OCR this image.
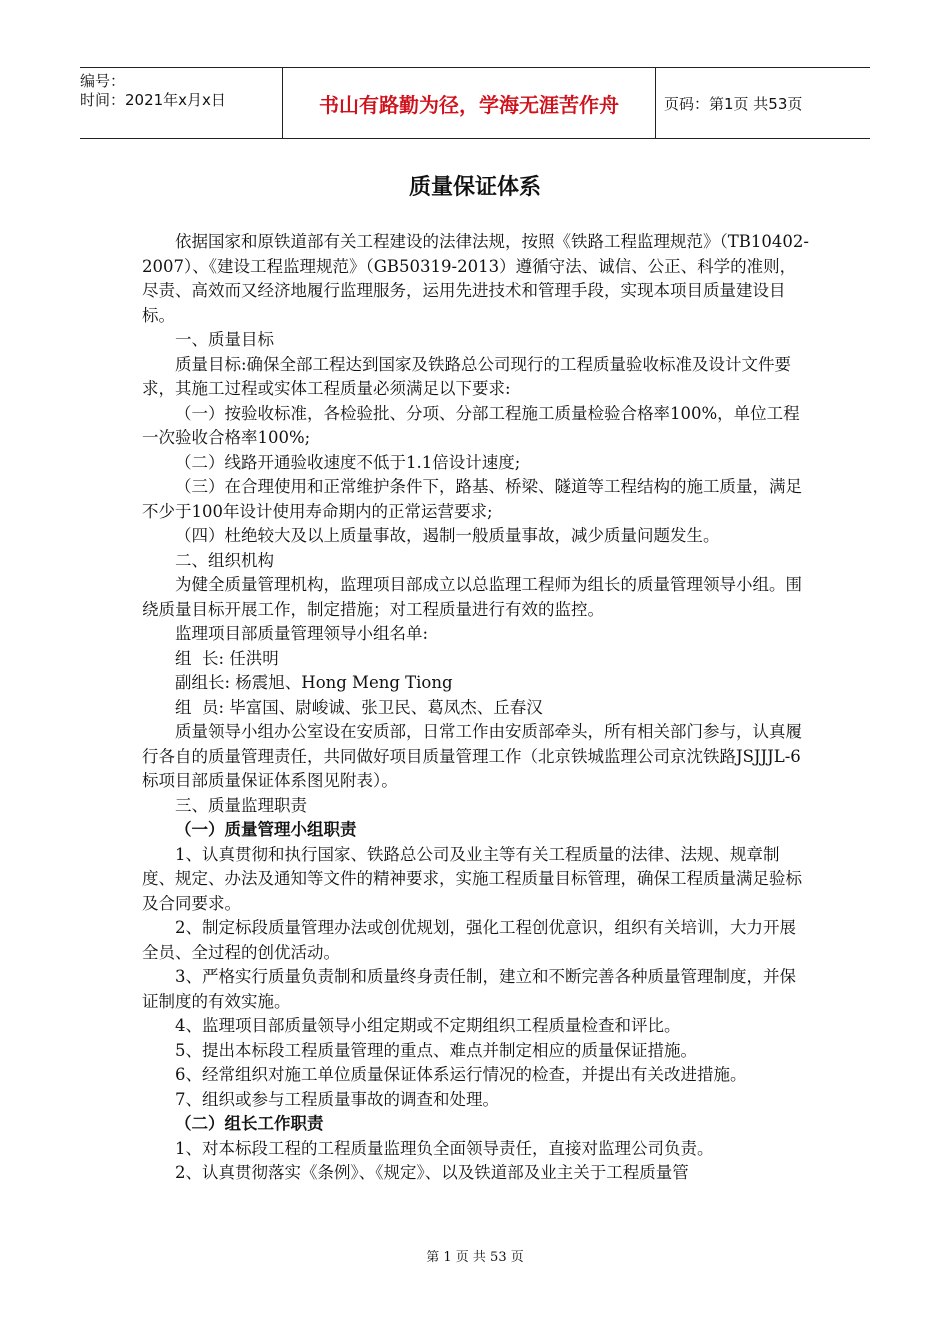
编号：
时间：2021年x月x日	书山有路勤为径，学海无涯苦作舟	页码：第1页 共53页
质量保证体系

依据国家和原铁道部有关工程建设的法律法规，按照《铁路工程监理规范》（TB10402-2007）、《建设工程监理规范》（GB50319-2013）遵循守法、诚信、公正、科学的准则，尽责、高效而又经济地履行监理服务，运用先进技术和管理手段，实现本项目质量建设目标。

一、质量目标

质量目标:确保全部工程达到国家及铁路总公司现行的工程质量验收标准及设计文件要求，其施工过程或实体工程质量必须满足以下要求:

（一）按验收标准，各检验批、分项、分部工程施工质量检验合格率100%，单位工程一次验收合格率100%;

（二）线路开通验收速度不低于1.1倍设计速度;

（三）在合理使用和正常维护条件下，路基、桥梁、隧道等工程结构的施工质量，满足不少于100年设计使用寿命期内的正常运营要求;

（四）杜绝较大及以上质量事故，遏制一般质量事故，减少质量问题发生。

二、组织机构

为健全质量管理机构，监理项目部成立以总监理工程师为组长的质量管理领导小组。围绕质量目标开展工作，制定措施；对工程质量进行有效的监控。

监理项目部质量管理领导小组名单:

组  长: 任洪明

副组长: 杨震旭、Hong Meng Tiong

组  员: 毕富国、尉峻诚、张卫民、葛凤杰、丘春汉

质量领导小组办公室设在安质部，日常工作由安质部牵头，所有相关部门参与，认真履行各自的质量管理责任，共同做好项目质量管理工作（北京铁城监理公司京沈铁路JSJJJL-6标项目部质量保证体系图见附表）。

三、质量监理职责

（一）质量管理小组职责

1、认真贯彻和执行国家、铁路总公司及业主等有关工程质量的法律、法规、规章制度、规定、办法及通知等文件的精神要求，实施工程质量目标管理，确保工程质量满足验标及合同要求。

2、制定标段质量管理办法或创优规划，强化工程创优意识，组织有关培训，大力开展全员、全过程的创优活动。

3、严格实行质量负责制和质量终身责任制，建立和不断完善各种质量管理制度，并保证制度的有效实施。

4、监理项目部质量领导小组定期或不定期组织工程质量检查和评比。

5、提出本标段工程质量管理的重点、难点并制定相应的质量保证措施。

6、经常组织对施工单位质量保证体系运行情况的检查，并提出有关改进措施。

7、组织或参与工程质量事故的调查和处理。

（二）组长工作职责

1、对本标段工程的工程质量监理负全面领导责任，直接对监理公司负责。

2、认真贯彻落实《条例》、《规定》、以及铁道部及业主关于工程质量管

第 1 页 共 53 页
